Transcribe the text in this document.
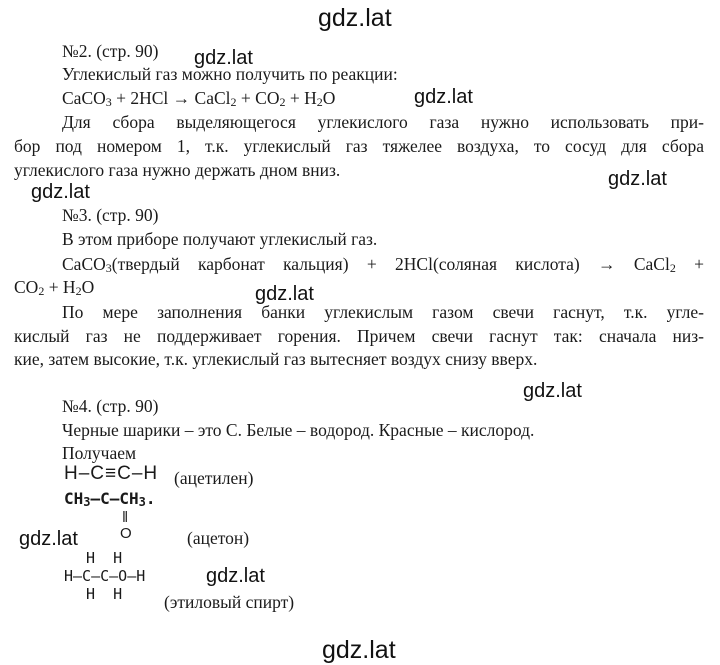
gdz.lat
gdz.lat
gdz.lat
gdz.lat
gdz.lat
gdz.lat
gdz.lat
gdz.lat
gdz.lat
gdz.lat
№2. (стр. 90)
Углекислый газ можно получить по реакции:
CaCO$_3$ + 2HCl → CaCl$_2$ + $CO_2 + H_2O$
Для сбора выделяющегося углекислого газа нужно использовать при-
бор под номером 1, т.к. углекислый газ тяжелее воздуха, то сосуд для сбора
углекислого газа нужно держать дном вниз.
№3. (стр. 90)
В этом приборе получают углекислый газ.
CaCO$_3$(твердый карбонат кальция) + 2HCl(соляная кислота) → CaCl$_2$ +
$CO_2 + H_2O$
По мере заполнения банки углекислым газом свечи гаснут, т.к. угле-
кислый газ не поддерживает горения. Причем свечи гаснут так: сначала низ-
кие, затем высокие, т.к. углекислый газ вытесняет воздух снизу вверх.
№4. (стр. 90)
Черные шарики – это С. Белые – водород. Красные – кислород.
Получаем
H–C≡C–H (ацетилен)
$CH_3-C-CH_3$.
‖
O	(ацетон)
H  H
H–C–C–O–H
H  H (этиловый спирт)
